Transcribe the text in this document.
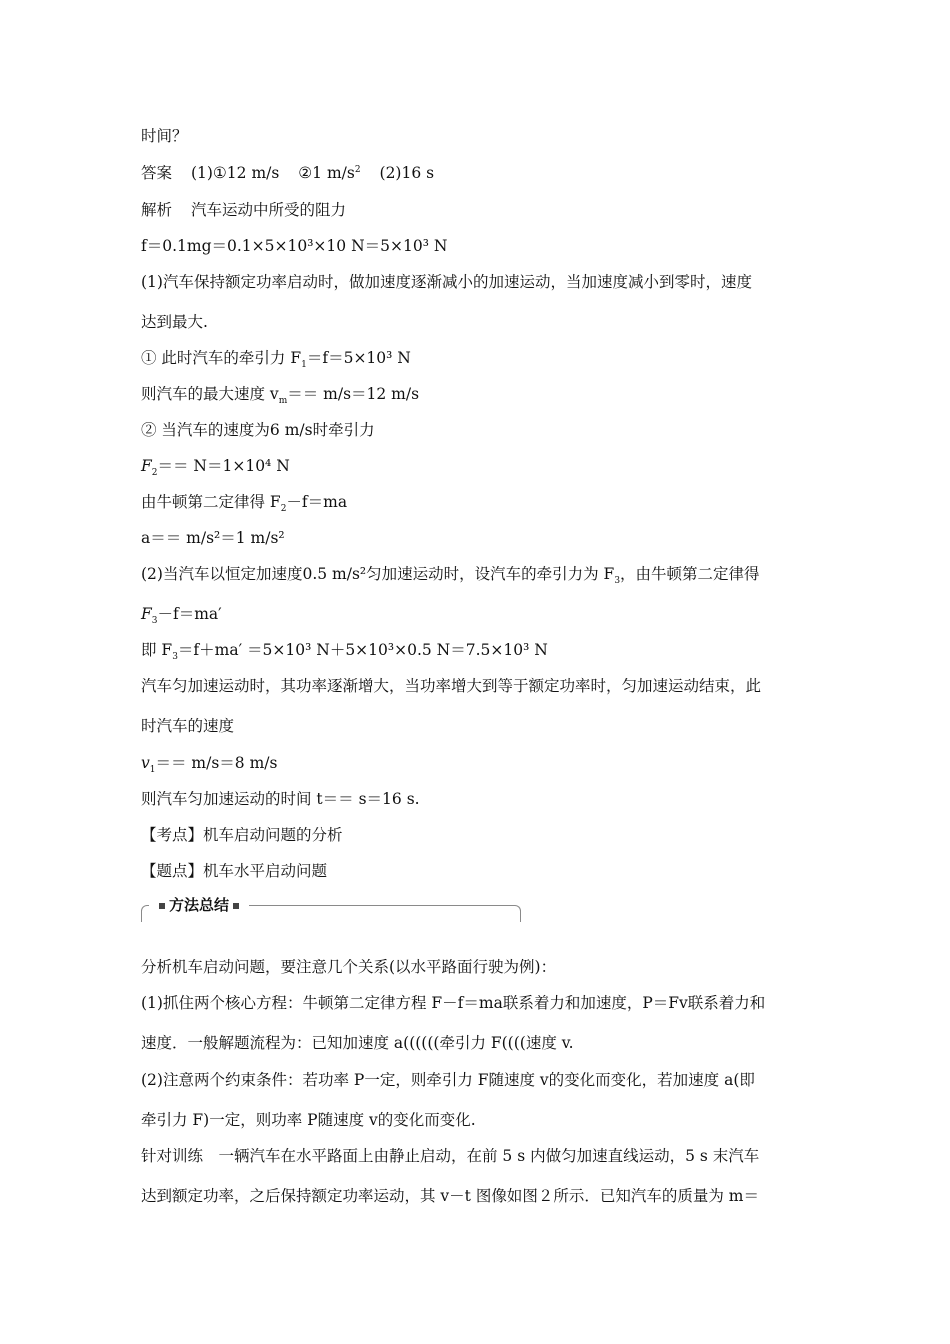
时间？
答案 (1)①12 m/s ②1 $m/s^2$ (2)16 s
解析 汽车运动中所受的阻力
f＝0.1mg＝0.1×5×10³×10 N＝5×10³ N
(1)汽车保持额定功率启动时，做加速度逐渐减小的加速运动，当加速度减小到零时，速度
达到最大.
① 此时汽车的牵引力 $F_1=f=5\times 10^3$ N
则汽车的最大速度 $v_m== m/s=12$ m/s
② 当汽车的速度为6 m/s时牵引力
$F_2== N=1\times 10^4$ N
由牛顿第二定律得 $F_2-f=ma$
a＝＝ m/s²＝1 m/s²
(2)当汽车以恒定加速度0.5 m/s²匀加速运动时，设汽车的牵引力为 $F_3$，由牛顿第二定律得
$F_3-f=ma'$
即 $F_3=f+ma' =5\times 10^3$ N＋5×10³×0.5 N＝7.5×10³ N
汽车匀加速运动时，其功率逐渐增大，当功率增大到等于额定功率时，匀加速运动结束，此
时汽车的速度
$v_1== m/s=8$ m/s
则汽车匀加速运动的时间 t＝＝ s＝16 s.
【考点】机车启动问题的分析
【题点】机车水平启动问题
方法总结
分析机车启动问题，要注意几个关系(以水平路面行驶为例)：
(1)抓住两个核心方程：牛顿第二定律方程 F－f＝ma联系着力和加速度，P＝Fv联系着力和
速度．一般解题流程为：已知加速度 a((((((牵引力 F((((速度 v.
(2)注意两个约束条件：若功率 P一定，则牵引力 F随速度 v的变化而变化，若加速度 a(即
牵引力 F)一定，则功率 P随速度 v的变化而变化.
针对训练　一辆汽车在水平路面上由静止启动，在前 5 s 内做匀加速直线运动，5 s 末汽车
达到额定功率，之后保持额定功率运动，其 v－t 图像如图２所示．已知汽车的质量为 m＝
